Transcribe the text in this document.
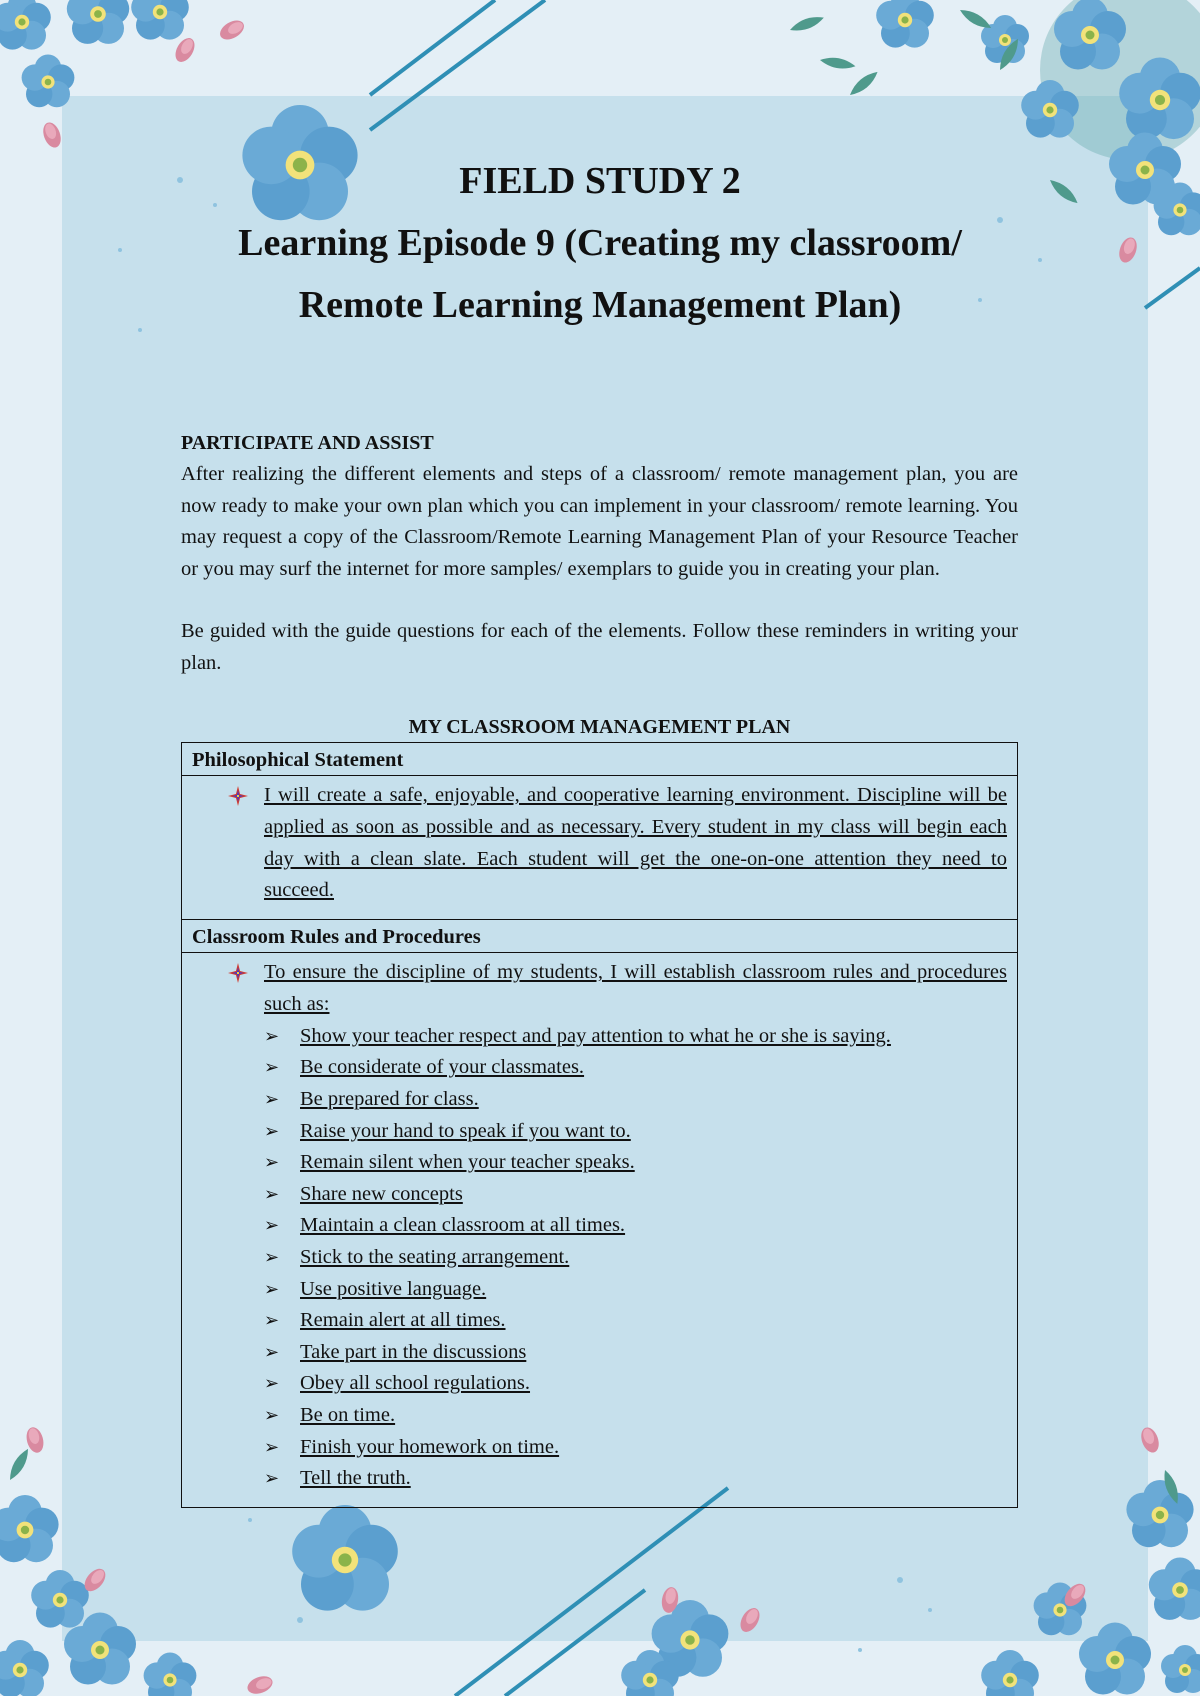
FIELD STUDY 2
Learning Episode 9 (Creating my classroom/
Remote Learning Management Plan)
PARTICIPATE AND ASSIST

After realizing the different elements and steps of a classroom/ remote management plan, you are now ready to make your own plan which you can implement in your classroom/ remote learning. You may request a copy of the Classroom/Remote Learning Management Plan of your Resource Teacher or you may surf the internet for more samples/ exemplars to guide you in creating your plan.

Be guided with the guide questions for each of the elements. Follow these reminders in writing your plan.

MY CLASSROOM MANAGEMENT PLAN
Philosophical Statement

I will create a safe, enjoyable, and cooperative learning environment. Discipline will be applied as soon as possible and as necessary. Every student in my class will begin each day with a clean slate. Each student will get the one-on-one attention they need to succeed.

Classroom Rules and Procedures

To ensure the discipline of my students, I will establish classroom rules and procedures such as:
➢	Show your teacher respect and pay attention to what he or she is saying.
➢	Be considerate of your classmates.
➢	Be prepared for class.
➢	Raise your hand to speak if you want to.
➢	Remain silent when your teacher speaks.
➢	Share new concepts
➢	Maintain a clean classroom at all times.
➢	Stick to the seating arrangement.
➢	Use positive language.
➢	Remain alert at all times.
➢	Take part in the discussions
➢	Obey all school regulations.
➢	Be on time.
➢	Finish your homework on time.
➢	Tell the truth.
